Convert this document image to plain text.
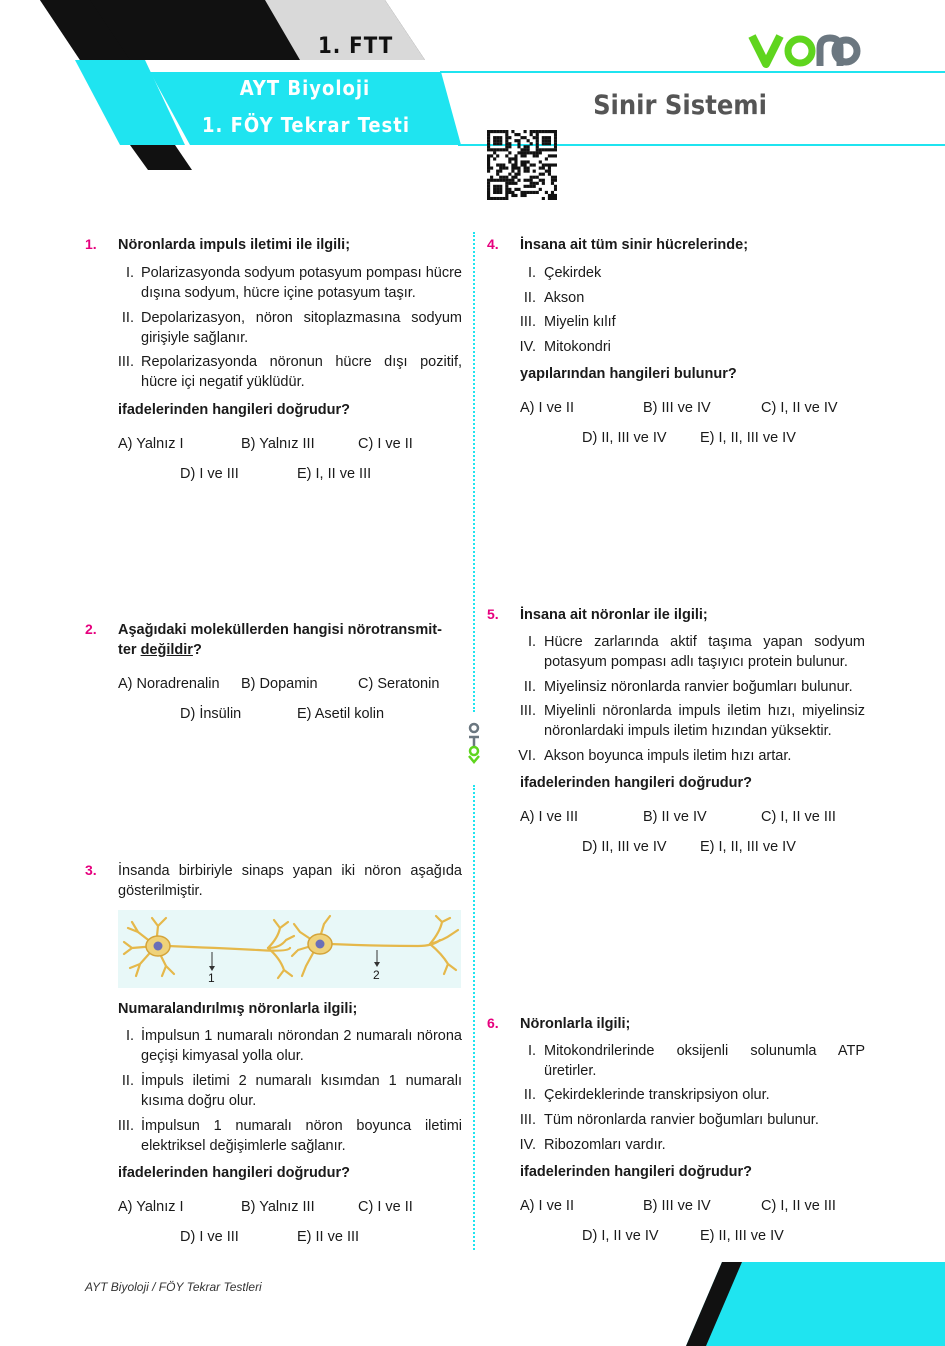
1. FTT
AYT Biyoloji
1. FÖY Tekrar Testi
Sinir Sistemi
1. Nöronlarda impuls iletimi ile ilgili;
I. Polarizasyonda sodyum potasyum pompası hücre dışına sodyum, hücre içine potasyum taşır.
II. Depolarizasyon, nöron sitoplazmasına sodyum girişiyle sağlanır.
III. Repolarizasyonda nöronun hücre dışı pozitif, hücre içi negatif yüklüdür.
ifadelerinden hangileri doğrudur?
A) Yalnız I	B) Yalnız III	C) I ve II
D) I ve III	E) I, II ve III
2. Aşağıdaki moleküllerden hangisi nörotransmit-
ter değildir?
A) Noradrenalin B) Dopamin	C) Seratonin
D) İnsülin	E) Asetil kolin
3. İnsanda birbiriyle sinaps yapan iki nöron aşağıda gösterilmiştir.
1	2
Numaralandırılmış nöronlarla ilgili;
I. İmpulsun 1 numaralı nörondan 2 numaralı nörona geçişi kimyasal yolla olur.
II. İmpuls iletimi 2 numaralı kısımdan 1 numaralı kısıma doğru olur.
III. İmpulsun 1 numaralı nöron boyunca iletimi elektriksel değişimlerle sağlanır.
ifadelerinden hangileri doğrudur?
A) Yalnız I	B) Yalnız III	C) I ve II
D) I ve III	E) II ve III
4. İnsana ait tüm sinir hücrelerinde;
I. Çekirdek
II. Akson
III. Miyelin kılıf
IV. Mitokondri
yapılarından hangileri bulunur?
A) I ve II	B) III ve IV	C) I, II ve IV
D) II, III ve IV E) I, II, III ve IV
5. İnsana ait nöronlar ile ilgili;
I. Hücre zarlarında aktif taşıma yapan sodyum potasyum pompası adlı taşıyıcı protein bulunur.
II. Miyelinsiz nöronlarda ranvier boğumları bulunur.
III. Miyelinli nöronlarda impuls iletim hızı, miyelinsiz nöronlardaki impuls iletim hızından yüksektir.
VI. Akson boyunca impuls iletim hızı artar.
ifadelerinden hangileri doğrudur?
A) I ve III	B) II ve IV	C) I, II ve III
D) II, III ve IV E) I, II, III ve IV
6. Nöronlarla ilgili;
I. Mitokondrilerinde oksijenli solunumla ATP üretirler.
II. Çekirdeklerinde transkripsiyon olur.
III. Tüm nöronlarda ranvier boğumları bulunur.
IV. Ribozomları vardır.
ifadelerinden hangileri doğrudur?
A) I ve II	B) III ve IV	C) I, II ve III
D) I, II ve IV	E) II, III ve IV
AYT Biyoloji / FÖY Tekrar Testleri
